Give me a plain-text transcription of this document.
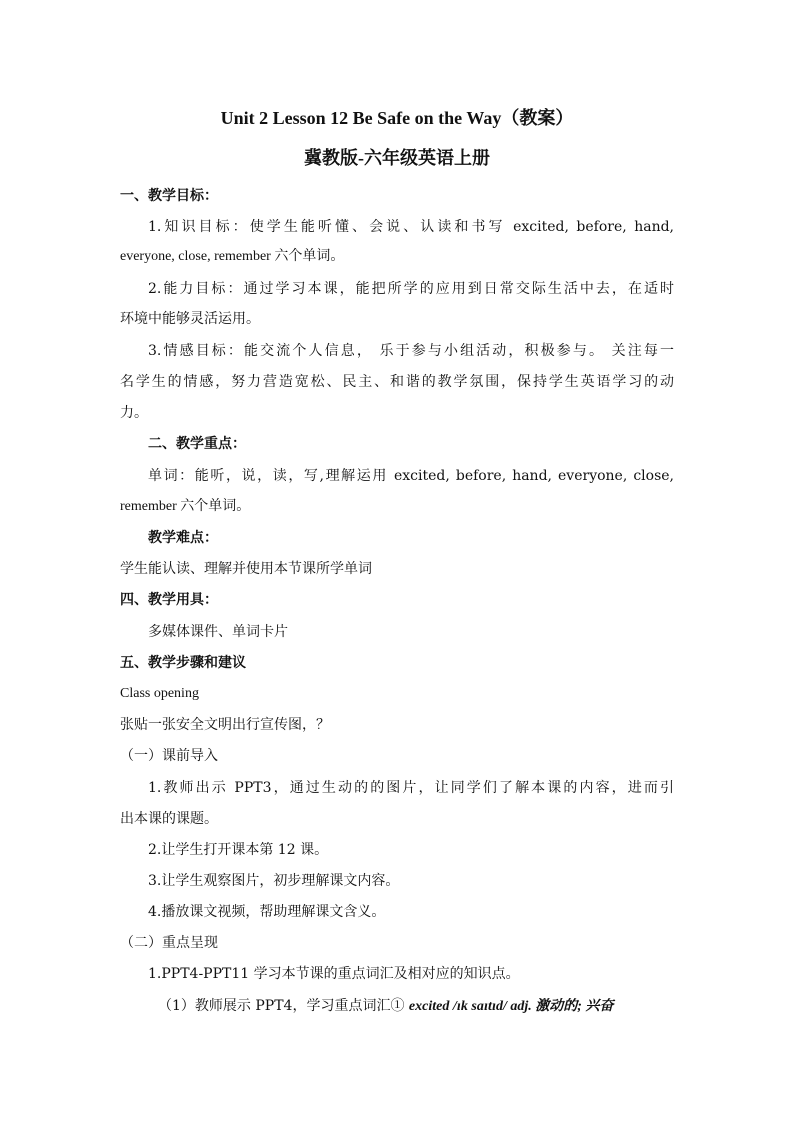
Unit 2 Lesson 12 Be Safe on the Way（教案）
冀教版-六年级英语上册
一、教学目标：
1.知识目标：使学生能听懂、会说、认读和书写 excited, before, hand,
everyone, close, remember 六个单词。
2.能力目标：通过学习本课，能把所学的应用到日常交际生活中去，在适时
环境中能够灵活运用。
3.情感目标：能交流个人信息， 乐于参与小组活动，积极参与。 关注每一
名学生的情感，努力营造宽松、民主、和谐的教学氛围，保持学生英语学习的动
力。
二、教学重点：
单词：能听，说，读，写,理解运用 excited, before, hand, everyone, close,
remember 六个单词。
教学难点：
学生能认读、理解并使用本节课所学单词
四、教学用具：
多媒体课件、单词卡片
五、教学步骤和建议
Class opening
张贴一张安全文明出行宣传图，？
（一）课前导入
1.教师出示 PPT3，通过生动的的图片，让同学们了解本课的内容，进而引
出本课的课题。
2.让学生打开课本第 12 课。
3.让学生观察图片，初步理解课文内容。
4.播放课文视频，帮助理解课文含义。
（二）重点呈现
1.PPT4-PPT11 学习本节课的重点词汇及相对应的知识点。
（1）教师展示 PPT4，学习重点词汇① excited /ɪk saɪtɪd/ adj. 激动的; 兴奋
